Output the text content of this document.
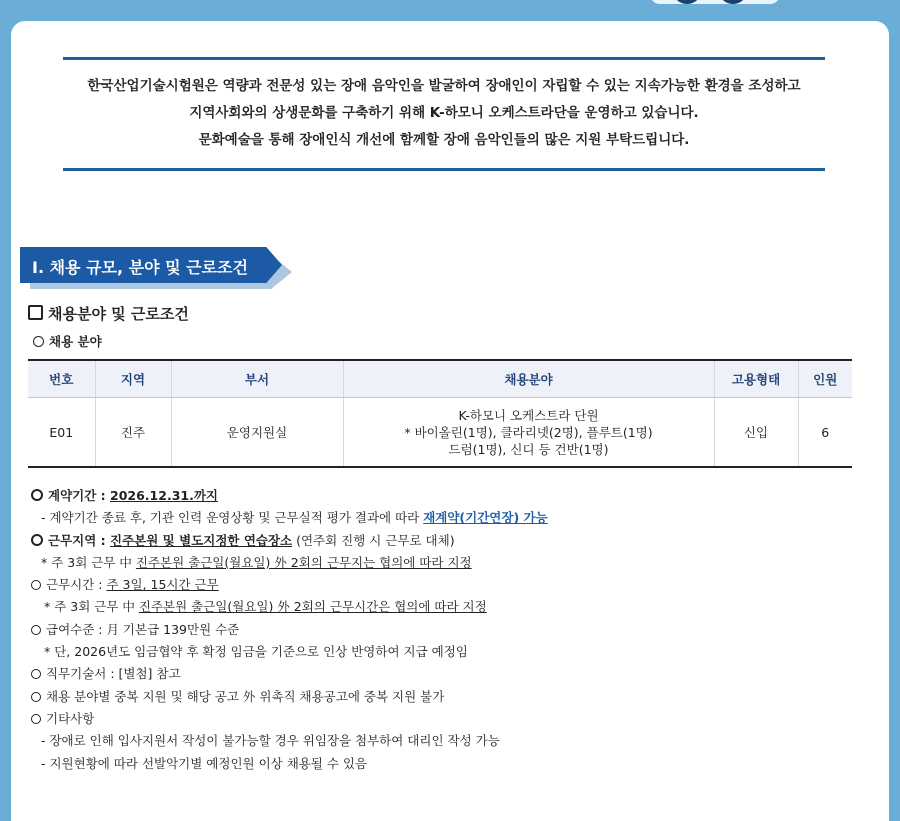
한국산업기술시험원은 역량과 전문성 있는 장애 음악인을 발굴하여 장애인이 자립할 수 있는 지속가능한 환경을 조성하고

지역사회와의 상생문화를 구축하기 위해 K-하모니 오케스트라단을 운영하고 있습니다.

문화예술을 통해 장애인식 개선에 함께할 장애 음악인들의 많은 지원 부탁드립니다.

I. 채용 규모, 분야 및 근로조건
채용분야 및 근로조건
채용 분야
번호	지역	부서	채용분야	고용형태	인원
E01	진주	운영지원실	K-하모니 오케스트라 단원
* 바이올린(1명), 클라리넷(2명), 플루트(1명)
드럼(1명), 신디 등 건반(1명)	신입	6
계약기간 : 2026.12.31.까지
- 계약기간 종료 후, 기관 인력 운영상황 및 근무실적 평가 결과에 따라 재계약(기간연장) 가능
근무지역 : 진주본원 및 별도지정한 연습장소 (연주회 진행 시 근무로 대체)
* 주 3회 근무 中 진주본원 출근일(월요일) 外 2회의 근무지는 협의에 따라 지정
근무시간 : 주 3일, 15시간 근무
* 주 3회 근무 中 진주본원 출근일(월요일) 外 2회의 근무시간은 협의에 따라 지정
급여수준 : 月 기본급 139만원 수준
* 단, 2026년도 임금협약 후 확정 임금을 기준으로 인상 반영하여 지급 예정임
직무기술서 : [별첨] 참고
채용 분야별 중복 지원 및 해당 공고 外 위촉직 채용공고에 중복 지원 불가
기타사항
- 장애로 인해 입사지원서 작성이 불가능할 경우 위임장을 첨부하여 대리인 작성 가능
- 지원현황에 따라 선발악기별 예정인원 이상 채용될 수 있음
